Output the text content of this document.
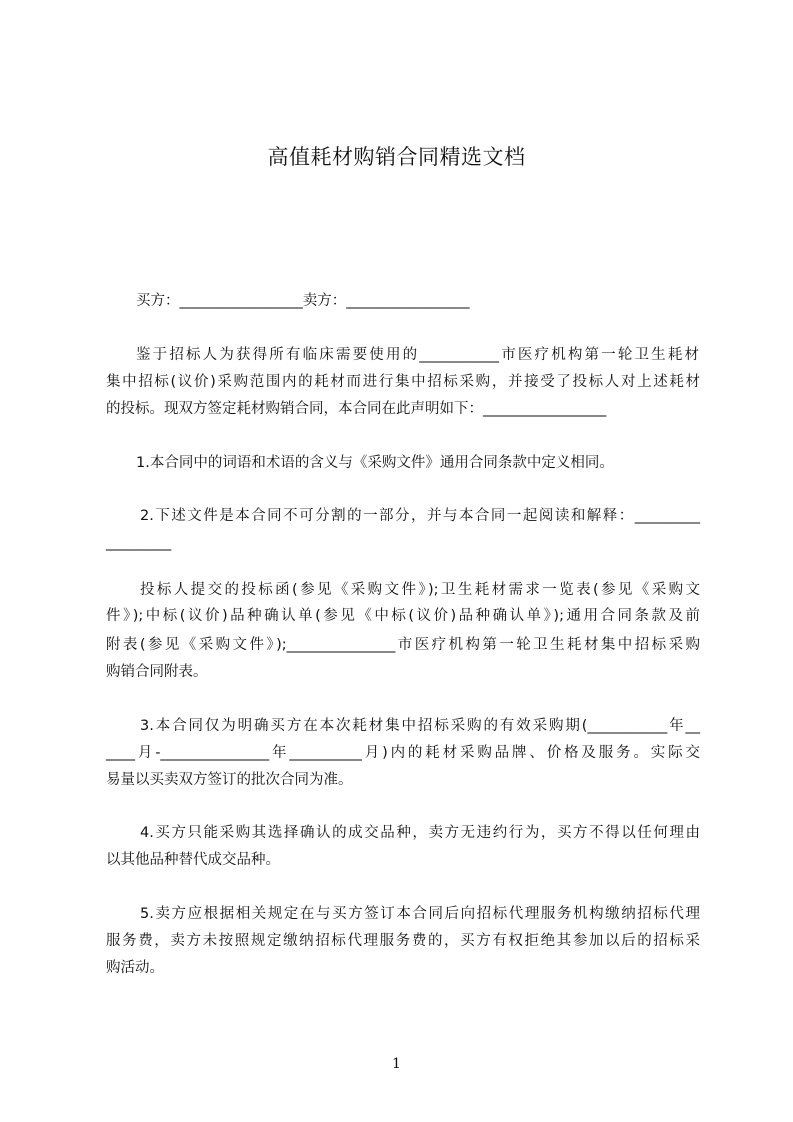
高值耗材购销合同精选文档
买方：_________________卖方：_________________
鉴于招标人为获得所有临床需要使用的___________市医疗机构第一轮卫生耗材
集中招标(议价)采购范围内的耗材而进行集中招标采购，并接受了投标人对上述耗材
的投标。现双方签定耗材购销合同，本合同在此声明如下：_________________
1.本合同中的词语和术语的含义与《采购文件》通用合同条款中定义相同。
2.下述文件是本合同不可分割的一部分，并与本合同一起阅读和解释：_________
_________
投标人提交的投标函(参见《采购文件》);卫生耗材需求一览表(参见《采购文
件》);中标(议价)品种确认单(参见《中标(议价)品种确认单》);通用合同条款及前
附表(参见《采购文件》);_______________市医疗机构第一轮卫生耗材集中招标采购
购销合同附表。
3.本合同仅为明确买方在本次耗材集中招标采购的有效采购期(___________年__
____月-_______________年__________月)内的耗材采购品牌、价格及服务。实际交
易量以买卖双方签订的批次合同为准。
4.买方只能采购其选择确认的成交品种，卖方无违约行为，买方不得以任何理由
以其他品种替代成交品种。
5.卖方应根据相关规定在与买方签订本合同后向招标代理服务机构缴纳招标代理
服务费，卖方未按照规定缴纳招标代理服务费的，买方有权拒绝其参加以后的招标采
购活动。
1
